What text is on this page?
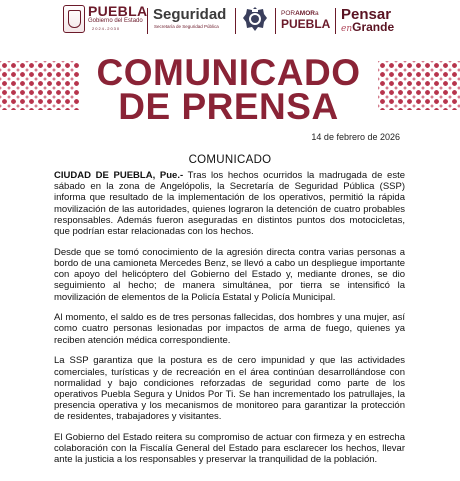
PUEBLA
Gobierno del Estado
2024-2030
Seguridad
Secretaría de Seguridad Pública
PORAMORa
PUEBLA
Pensar
enGrande
COMUNICADO
DE PRENSA
14 de febrero de 2026
COMUNICADO

CIUDAD DE PUEBLA, Pue.- Tras los hechos ocurridos la madrugada de este sábado en la zona de Angelópolis, la Secretaría de Seguridad Pública (SSP) informa que resultado de la implementación de los operativos, permitió la rápida movilización de las autoridades, quienes lograron la detención de cuatro probables responsables. Además fueron aseguradas en distintos puntos dos motocicletas, que podrían estar relacionadas con los hechos.

Desde que se tomó conocimiento de la agresión directa contra varias personas a bordo de una camioneta Mercedes Benz, se llevó a cabo un despliegue importante con apoyo del helicóptero del Gobierno del Estado y, mediante drones, se dio seguimiento al hecho; de manera simultánea, por tierra se intensificó la movilización de elementos de la Policía Estatal y Policía Municipal.

Al momento, el saldo es de tres personas fallecidas, dos hombres y una mujer, así como cuatro personas lesionadas por impactos de arma de fuego, quienes ya reciben atención médica correspondiente.

La SSP garantiza que la postura es de cero impunidad y que las actividades comerciales, turísticas y de recreación en el área continúan desarrollándose con normalidad y bajo condiciones reforzadas de seguridad como parte de los operativos Puebla Segura y Unidos Por Ti. Se han incrementado los patrullajes, la presencia operativa y los mecanismos de monitoreo para garantizar la protección de residentes, trabajadores y visitantes.

El Gobierno del Estado reitera su compromiso de actuar con firmeza y en estrecha colaboración con la Fiscalía General del Estado para esclarecer los hechos, llevar ante la justicia a los responsables y preservar la tranquilidad de la población.
